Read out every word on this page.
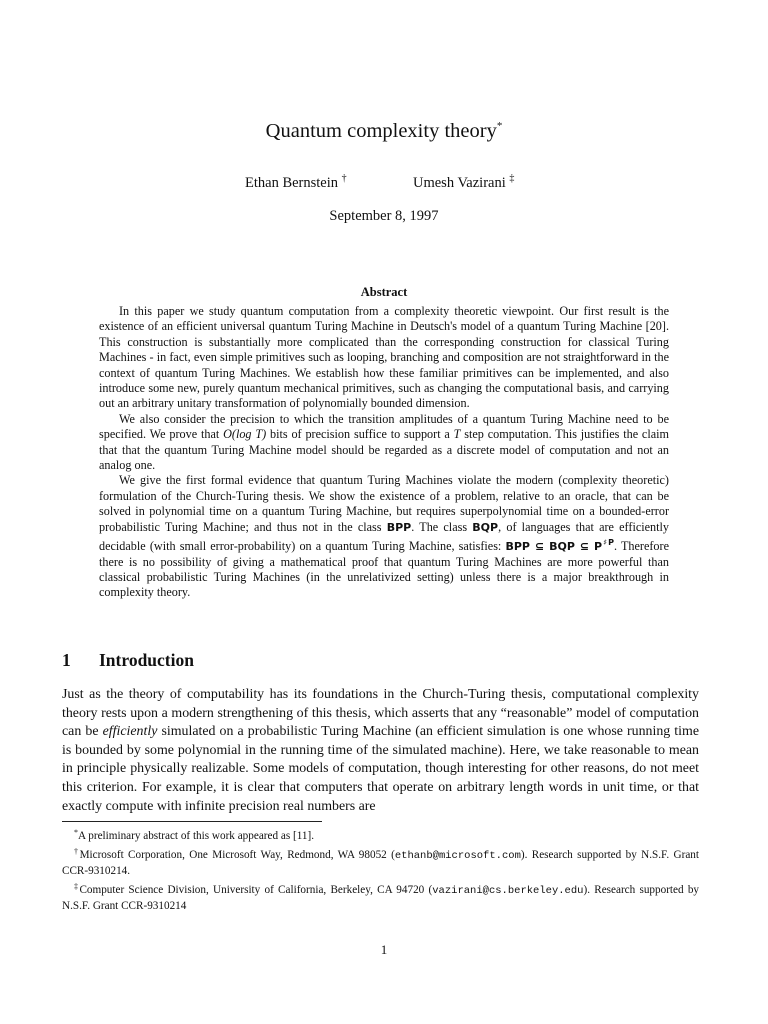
Quantum complexity theory*
Ethan Bernstein †	Umesh Vazirani ‡
September 8, 1997
Abstract

In this paper we study quantum computation from a complexity theoretic viewpoint. Our first result is the existence of an efficient universal quantum Turing Machine in Deutsch's model of a quantum Turing Machine [20]. This construction is substantially more complicated than the corresponding construction for classical Turing Machines - in fact, even simple primitives such as looping, branching and composition are not straightforward in the context of quantum Turing Machines. We establish how these familiar primitives can be implemented, and also introduce some new, purely quantum mechanical primitives, such as changing the computational basis, and carrying out an arbitrary unitary transformation of polynomially bounded dimension.

We also consider the precision to which the transition amplitudes of a quantum Turing Machine need to be specified. We prove that O(log T) bits of precision suffice to support a T step computation. This justifies the claim that that the quantum Turing Machine model should be regarded as a discrete model of computation and not an analog one.

We give the first formal evidence that quantum Turing Machines violate the modern (complexity theoretic) formulation of the Church-Turing thesis. We show the existence of a problem, relative to an oracle, that can be solved in polynomial time on a quantum Turing Machine, but requires superpolynomial time on a bounded-error probabilistic Turing Machine; and thus not in the class BPP. The class BQP, of languages that are efficiently decidable (with small error-probability) on a quantum Turing Machine, satisfies: BPP ⊆ BQP ⊆ $P^{♯P}$. Therefore there is no possibility of giving a mathematical proof that quantum Turing Machines are more powerful than classical probabilistic Turing Machines (in the unrelativized setting) unless there is a major breakthrough in complexity theory.

1 Introduction

Just as the theory of computability has its foundations in the Church-Turing thesis, computational complexity theory rests upon a modern strengthening of this thesis, which asserts that any “reasonable” model of computation can be efficiently simulated on a probabilistic Turing Machine (an efficient simulation is one whose running time is bounded by some polynomial in the running time of the simulated machine). Here, we take reasonable to mean in principle physically realizable. Some models of computation, though interesting for other reasons, do not meet this criterion. For example, it is clear that computers that operate on arbitrary length words in unit time, or that exactly compute with infinite precision real numbers are

*A preliminary abstract of this work appeared as [11].

†Microsoft Corporation, One Microsoft Way, Redmond, WA 98052 (ethanb@microsoft.com). Research supported by N.S.F. Grant CCR-9310214.

‡Computer Science Division, University of California, Berkeley, CA 94720 (vazirani@cs.berkeley.edu). Research supported by N.S.F. Grant CCR-9310214

1
